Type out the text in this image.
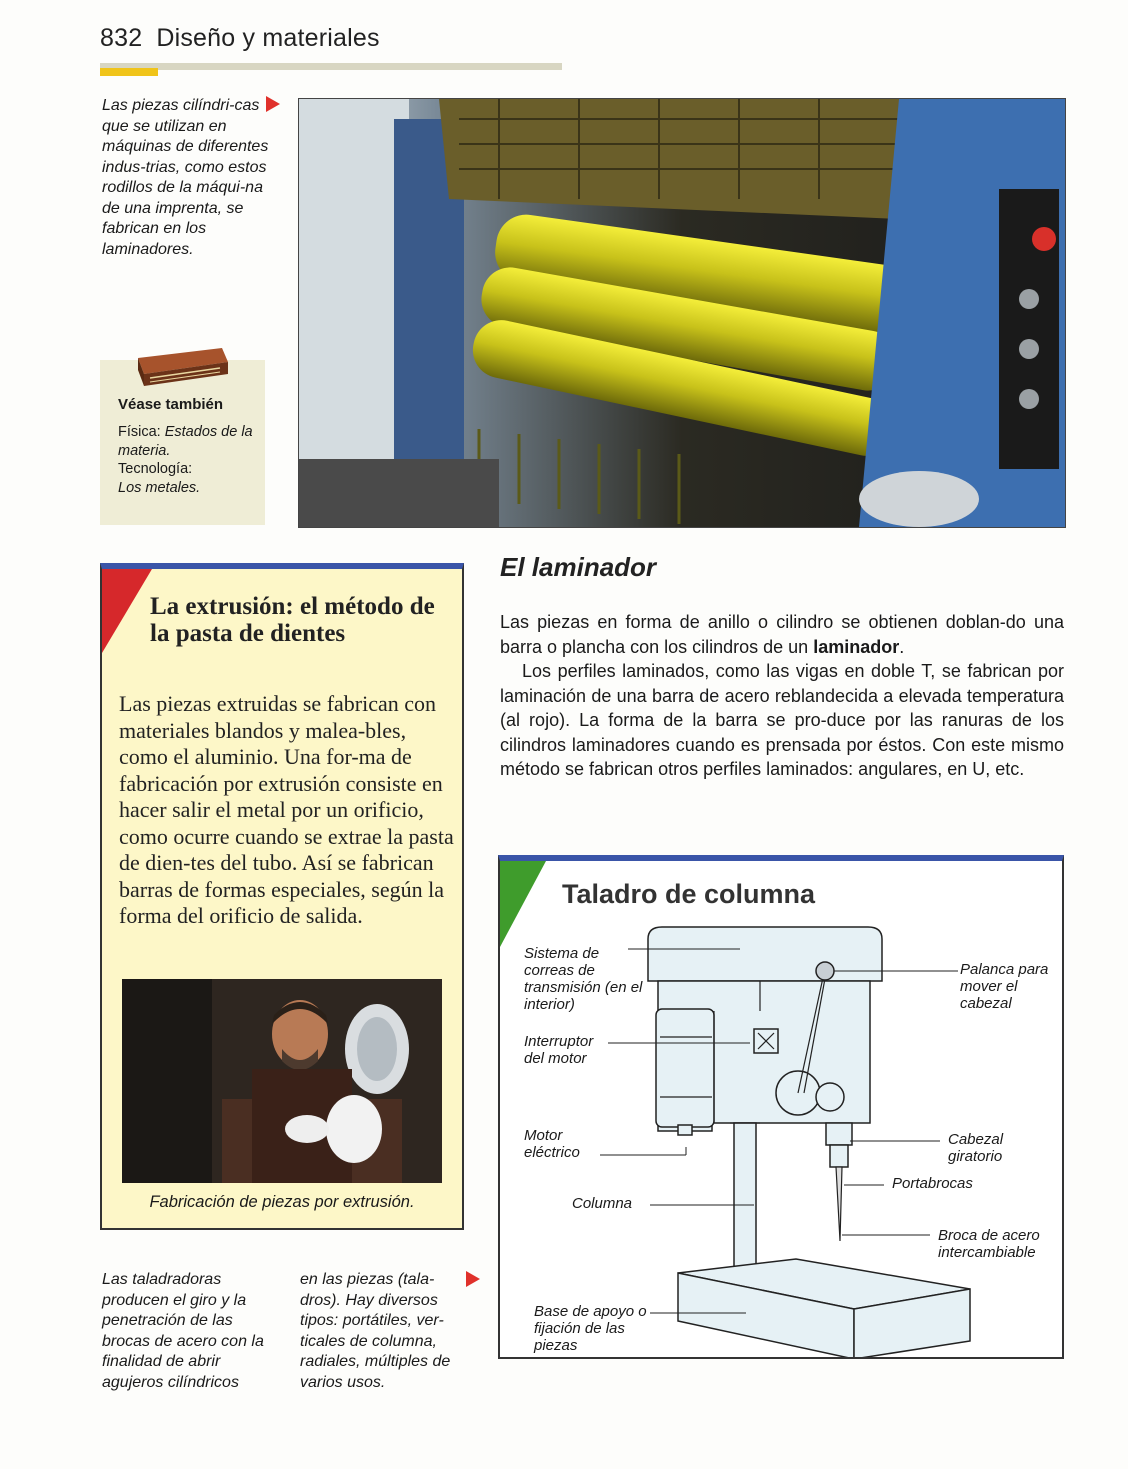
832 Diseño y materiales
Las piezas cilíndri-cas que se utilizan en máquinas de diferentes indus-trias, como estos rodillos de la máqui-na de una imprenta, se fabrican en los laminadores.
Véase también
Física: Estados de la materia.
Tecnología:
Los metales.
La extrusión: el método de la pasta de dientes
Las piezas extruidas se fabrican con materiales blandos y malea-bles, como el aluminio. Una for-ma de fabricación por extrusión consiste en hacer salir el metal por un orificio, como ocurre cuando se extrae la pasta de dien-tes del tubo. Así se fabrican barras de formas especiales, según la forma del orificio de salida.
Fabricación de piezas por extrusión.
El laminador

Las piezas en forma de anillo o cilindro se obtienen doblan-do una barra o plancha con los cilindros de un laminador.

Los perfiles laminados, como las vigas en doble T, se fabrican por laminación de una barra de acero reblandecida a elevada temperatura (al rojo). La forma de la barra se pro-duce por las ranuras de los cilindros laminadores cuando es prensada por éstos. Con este mismo método se fabrican otros perfiles laminados: angulares, en U, etc.

Taladro de columna
Sistema de correas de transmisión (en el interior)
Interruptor del motor
Motor eléctrico
Columna
Base de apoyo o fijación de las piezas
Palanca para mover el cabezal
Cabezal giratorio
Portabrocas
Broca de acero intercambiable
Las taladradoras producen el giro y la penetración de las brocas de acero con la finalidad de abrir agujeros cilíndricos
en las piezas (tala-dros). Hay diversos tipos: portátiles, ver-ticales de columna, radiales, múltiples de varios usos.
